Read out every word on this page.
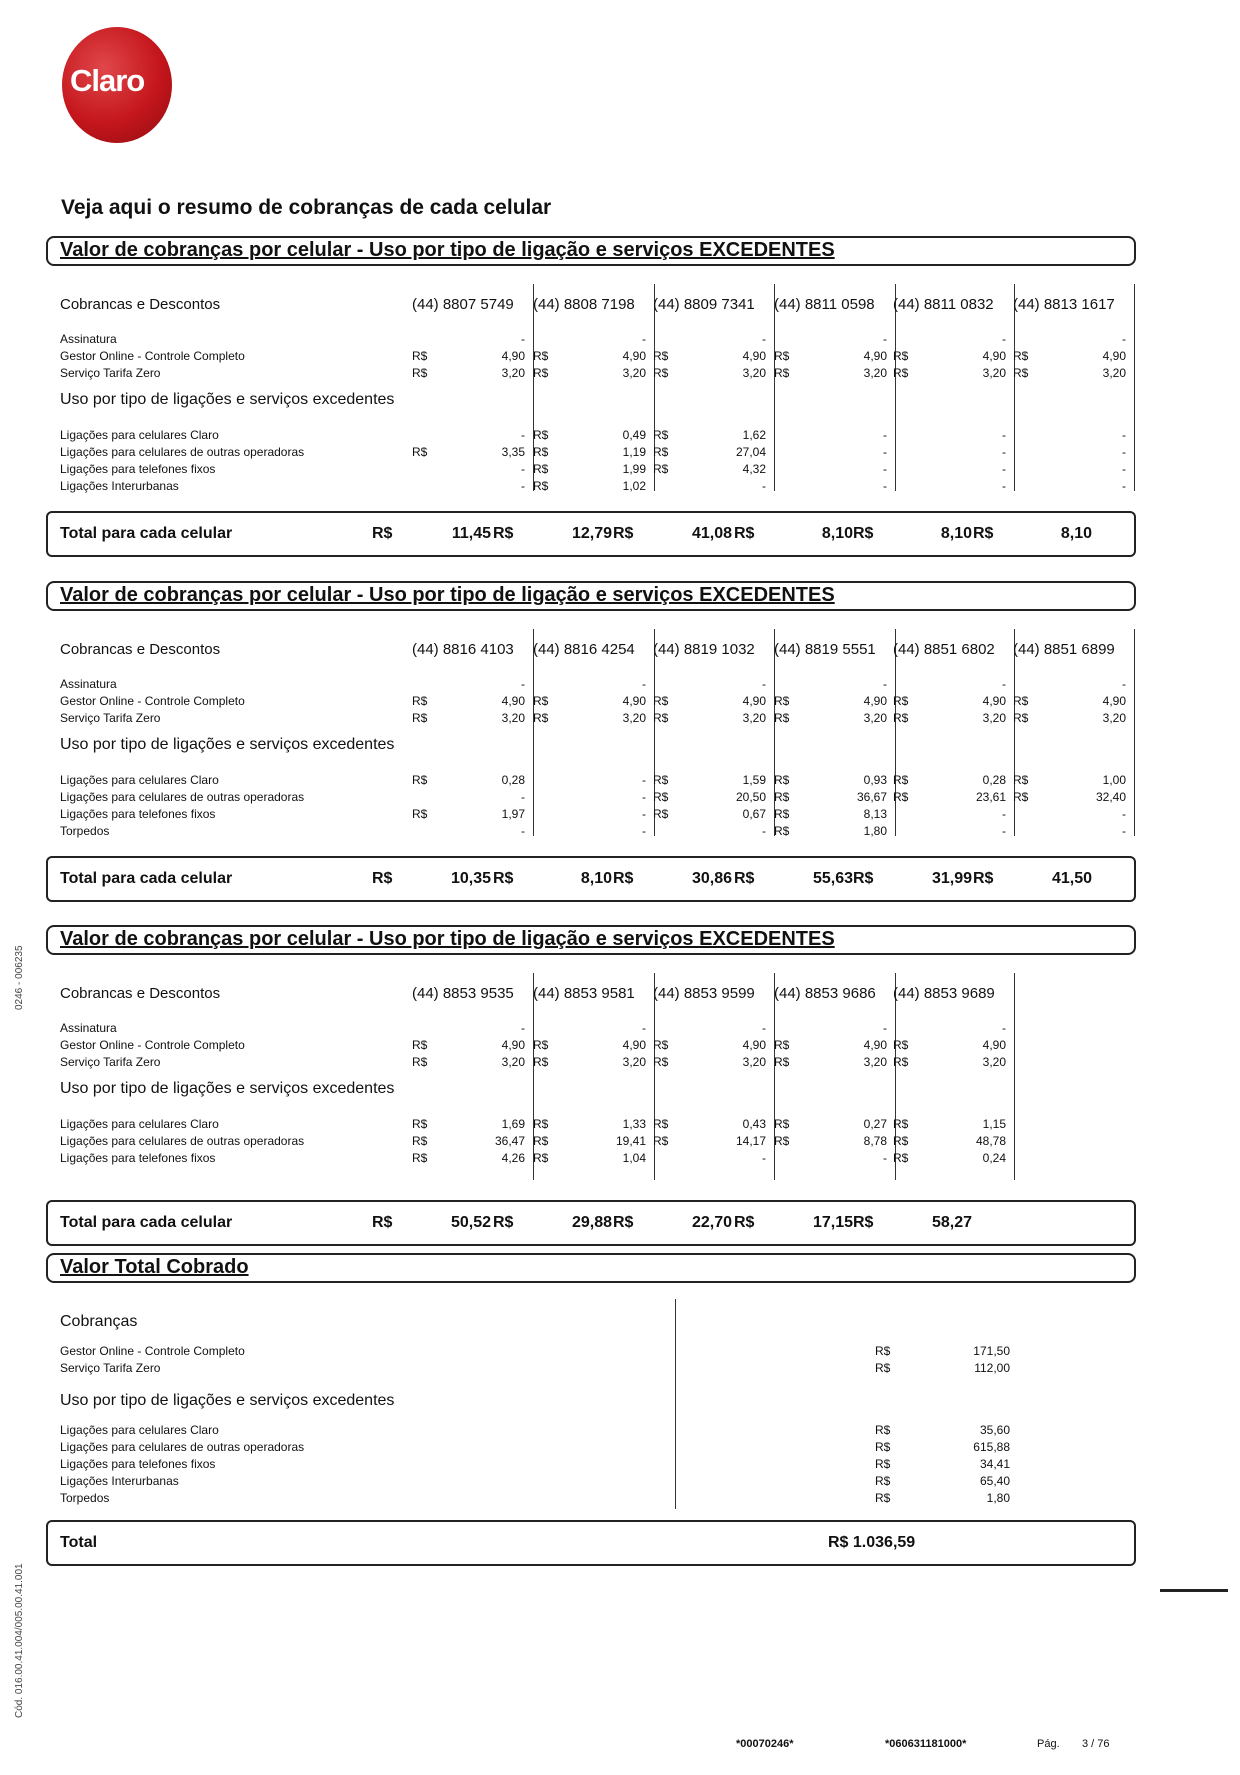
Claro
Veja aqui o resumo de cobranças de cada celular
Valor de cobranças por celular - Uso por tipo de ligação e serviços EXCEDENTES
Cobrancas e Descontos	(44) 8807 5749 (44) 8808 7198 (44) 8809 7341 (44) 8811 0598 (44) 8811 0832 (44) 8813 1617
Assinatura	-	-	-	-	-	-
Gestor Online - Controle Completo	R$	4,90 R$	4,90 R$	4,90 R$	4,90 R$	4,90 R$	4,90
Serviço Tarifa Zero	R$	3,20 R$	3,20 R$	3,20 R$	3,20 R$	3,20 R$	3,20
Uso por tipo de ligações e serviços excedentes
Ligações para celulares Claro	- R$	0,49 R$	1,62	-	-	-
Ligações para celulares de outras operadoras	R$	3,35 R$	1,19 R$	27,04	-	-	-
Ligações para telefones fixos	- R$	1,99 R$	4,32	-	-	-
Ligações Interurbanas	- R$	1,02	-	-	-	-
Total para cada celular	R$	11,45 R$	12,79 R$	41,08 R$	8,10 R$	8,10 R$	8,10
Valor de cobranças por celular - Uso por tipo de ligação e serviços EXCEDENTES
Cobrancas e Descontos	(44) 8816 4103 (44) 8816 4254 (44) 8819 1032 (44) 8819 5551 (44) 8851 6802 (44) 8851 6899
Assinatura	-	-	-	-	-	-
Gestor Online - Controle Completo	R$	4,90 R$	4,90 R$	4,90 R$	4,90 R$	4,90 R$	4,90
Serviço Tarifa Zero	R$	3,20 R$	3,20 R$	3,20 R$	3,20 R$	3,20 R$	3,20
Uso por tipo de ligações e serviços excedentes
Ligações para celulares Claro	R$	0,28	- R$	1,59 R$	0,93 R$	0,28 R$	1,00
Ligações para celulares de outras operadoras	-	- R$	20,50 R$	36,67 R$	23,61 R$	32,40
Ligações para telefones fixos	R$	1,97	- R$	0,67 R$	8,13	-	-
Torpedos	-	-	- R$	1,80	-	-
Total para cada celular	R$	10,35 R$	8,10 R$	30,86 R$	55,63 R$	31,99 R$	41,50
Valor de cobranças por celular - Uso por tipo de ligação e serviços EXCEDENTES
Cobrancas e Descontos	(44) 8853 9535 (44) 8853 9581 (44) 8853 9599 (44) 8853 9686 (44) 8853 9689
Assinatura	-	-	-	-	-
Gestor Online - Controle Completo	R$	4,90 R$	4,90 R$	4,90 R$	4,90 R$	4,90
Serviço Tarifa Zero	R$	3,20 R$	3,20 R$	3,20 R$	3,20 R$	3,20
Uso por tipo de ligações e serviços excedentes
Ligações para celulares Claro	R$	1,69 R$	1,33 R$	0,43 R$	0,27 R$	1,15
Ligações para celulares de outras operadoras	R$	36,47 R$	19,41 R$	14,17 R$	8,78 R$	48,78
Ligações para telefones fixos	R$	4,26 R$	1,04	-	- R$	0,24
Total para cada celular	R$	50,52 R$	29,88 R$	22,70 R$	17,15 R$	58,27
Valor Total Cobrado
Cobranças
Gestor Online - Controle Completo	R$	171,50
Serviço Tarifa Zero	R$	112,00
Uso por tipo de ligações e serviços excedentes
Ligações para celulares Claro	R$	35,60
Ligações para celulares de outras operadoras	R$	615,88
Ligações para telefones fixos	R$	34,41
Ligações Interurbanas	R$	65,40
Torpedos	R$	1,80
Total	R$ 1.036,59
*00070246*	*060631181000*	Pág. 3 / 76
0246 - 006235
Cód. 016.00.41.004/005.00.41.001
